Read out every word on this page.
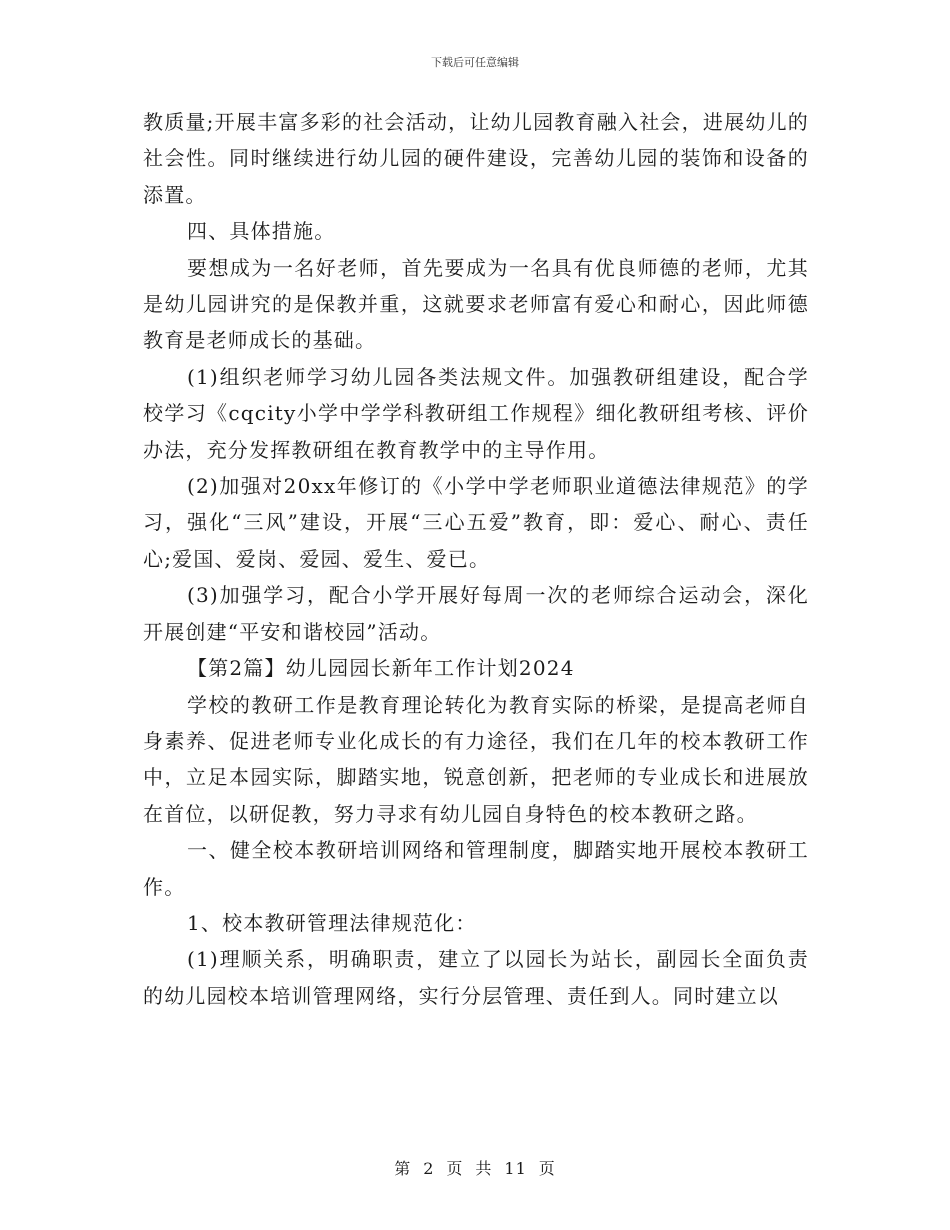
下载后可任意编辑

教质量;开展丰富多彩的社会活动，让幼儿园教育融入社会，进展幼儿的社会性。同时继续进行幼儿园的硬件建设，完善幼儿园的装饰和设备的添置。

四、具体措施。

要想成为一名好老师，首先要成为一名具有优良师德的老师，尤其是幼儿园讲究的是保教并重，这就要求老师富有爱心和耐心，因此师德教育是老师成长的基础。

(1)组织老师学习幼儿园各类法规文件。加强教研组建设，配合学校学习《cqcity小学中学学科教研组工作规程》细化教研组考核、评价办法，充分发挥教研组在教育教学中的主导作用。

(2)加强对20xx年修订的《小学中学老师职业道德法律规范》的学习，强化“三风”建设，开展“三心五爱”教育，即：爱心、耐心、责任心;爱国、爱岗、爱园、爱生、爱已。

(3)加强学习，配合小学开展好每周一次的老师综合运动会，深化开展创建“平安和谐校园”活动。

【第2篇】幼儿园园长新年工作计划2024

学校的教研工作是教育理论转化为教育实际的桥梁，是提高老师自身素养、促进老师专业化成长的有力途径，我们在几年的校本教研工作中，立足本园实际，脚踏实地，锐意创新，把老师的专业成长和进展放在首位，以研促教，努力寻求有幼儿园自身特色的校本教研之路。

一、健全校本教研培训网络和管理制度，脚踏实地开展校本教研工作。

1、校本教研管理法律规范化：

(1)理顺关系，明确职责，建立了以园长为站长，副园长全面负责的幼儿园校本培训管理网络，实行分层管理、责任到人。同时建立以

第 2 页 共 11 页
